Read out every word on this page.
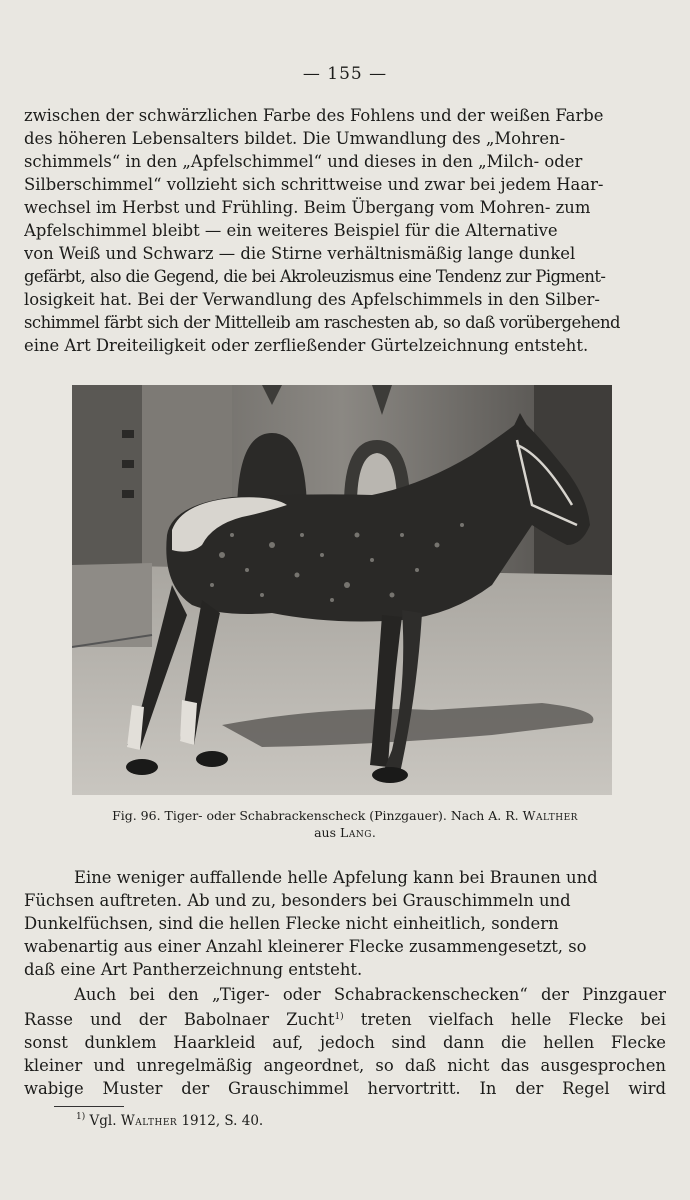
— 155 —
zwischen der schwärzlichen Farbe des Fohlens und der weißen Farbe
des höheren Lebensalters bildet. Die Umwandlung des „Mohren-
schimmels“ in den „Apfelschimmel“ und dieses in den „Milch- oder
Silberschimmel“ vollzieht sich schrittweise und zwar bei jedem Haar-
wechsel im Herbst und Frühling. Beim Übergang vom Mohren- zum
Apfelschimmel bleibt — ein weiteres Beispiel für die Alternative
von Weiß und Schwarz — die Stirne verhältnismäßig lange dunkel
gefärbt, also die Gegend, die bei Akroleuzismus eine Tendenz zur Pigment-
losigkeit hat. Bei der Verwandlung des Apfelschimmels in den Silber-
schimmel färbt sich der Mittelleib am raschesten ab, so daß vorübergehend
eine Art Dreiteiligkeit oder zerfließender Gürtelzeichnung entsteht.
Fig. 96. Tiger- oder Schabrackenscheck (Pinzgauer). Nach A. R. Walther
aus Lang.
Eine weniger auffallende helle Apfelung kann bei Braunen und
Füchsen auftreten. Ab und zu, besonders bei Grauschimmeln und
Dunkelfüchsen, sind die hellen Flecke nicht einheitlich, sondern
wabenartig aus einer Anzahl kleinerer Flecke zusammengesetzt, so
daß eine Art Pantherzeichnung entsteht.
Auch bei den „Tiger- oder Schabrackenschecken“ der Pinzgauer
Rasse und der Babolnaer Zucht$^{1)}$ treten vielfach helle Flecke bei
sonst dunklem Haarkleid auf, jedoch sind dann die hellen Flecke
kleiner und unregelmäßig angeordnet, so daß nicht das ausgesprochen
wabige Muster der Grauschimmel hervortritt. In der Regel wird
$^{1)}$ Vgl. Walther 1912, S. 40.
